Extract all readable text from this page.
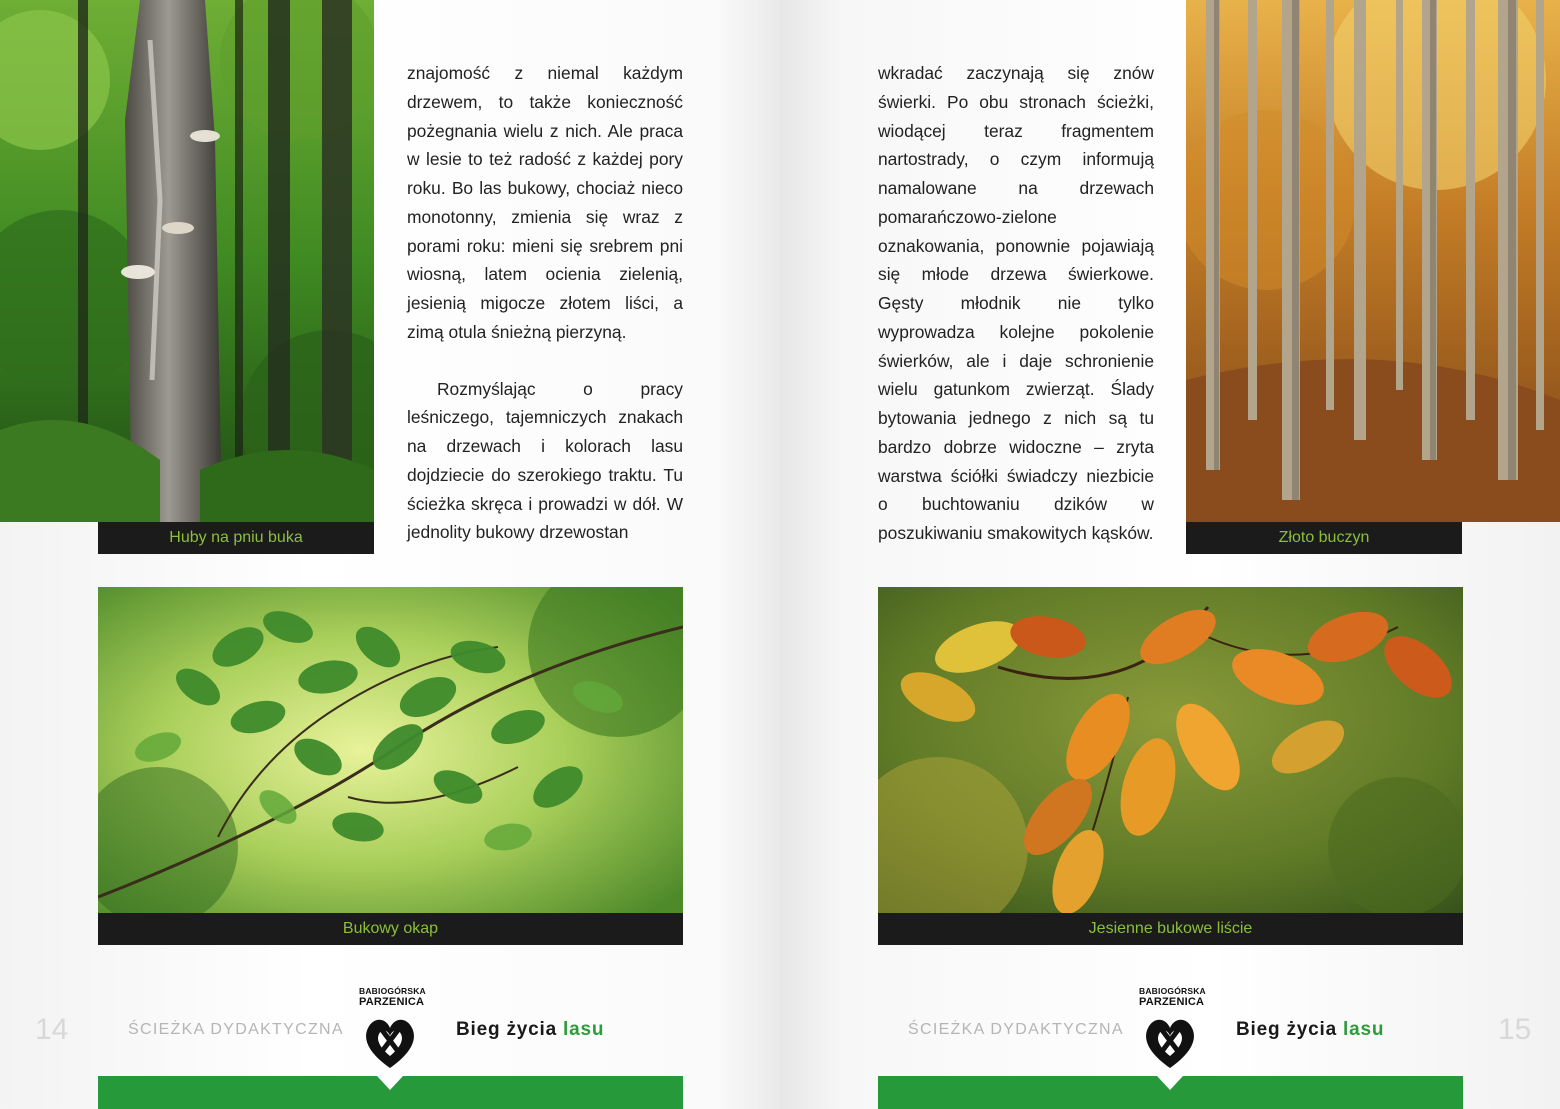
Huby na pniu buka

znajomość z niemal każdym drzewem, to także konieczność pożegnania wielu z nich. Ale praca w lesie to też radość z każdej pory roku. Bo las bukowy, chociaż nieco monotonny, zmienia się wraz z porami roku: mieni się srebrem pni wiosną, latem ocienia zielenią, jesienią migocze złotem liści, a zimą otula śnieżną pierzyną.

Rozmyślając o pracy leśniczego, tajemniczych znakach na drzewach i kolorach lasu dojdziecie do szerokiego traktu. Tu ścieżka skręca i prowadzi w dół. W jednolity bukowy drzewostan

Bukowy okap
14	ŚCIEŻKA DYDAKTYCZNA
BABIOGÓRSKA
PARZENICA
Bieg życia lasu

wkradać zaczynają się znów świerki. Po obu stronach ścieżki, wiodącej teraz fragmentem nartostrady, o czym informują namalowane na drzewach pomarańczowo-zielone oznakowania, ponownie pojawiają się młode drzewa świerkowe. Gęsty młodnik nie tylko wyprowadza kolejne pokolenie świerków, ale i daje schronienie wielu gatunkom zwierząt. Ślady bytowania jednego z nich są tu bardzo dobrze widoczne – zryta warstwa ściółki świadczy niezbicie o buchtowaniu dzików w poszukiwaniu smakowitych kąsków.	Złoto buczyn
Jesienne bukowe liście
ŚCIEŻKA DYDAKTYCZNA
BABIOGÓRSKA
PARZENICA
Bieg życia lasu	15
